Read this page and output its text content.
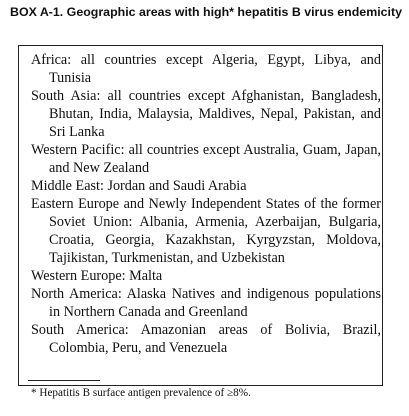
BOX A-1. Geographic areas with high* hepatitis B virus endemicity

Africa: all countries except Algeria, Egypt, Libya, and Tunisia

South Asia: all countries except Afghanistan, Bangladesh, Bhutan, India, Malaysia, Maldives, Nepal, Pakistan, and Sri Lanka

Western Pacific: all countries except Australia, Guam, Japan, and New Zealand

Middle East: Jordan and Saudi Arabia

Eastern Europe and Newly Independent States of the former Soviet Union: Albania, Armenia, Azerbaijan, Bulgaria, Croatia, Georgia, Kazakhstan, Kyrgyzstan, Moldova, Tajikistan, Turkmenistan, and Uzbekistan

Western Europe: Malta

North America: Alaska Natives and indigenous populations in Northern Canada and Greenland

South America: Amazonian areas of Bolivia, Brazil, Colombia, Peru, and Venezuela

* Hepatitis B surface antigen prevalence of ≥8%.
